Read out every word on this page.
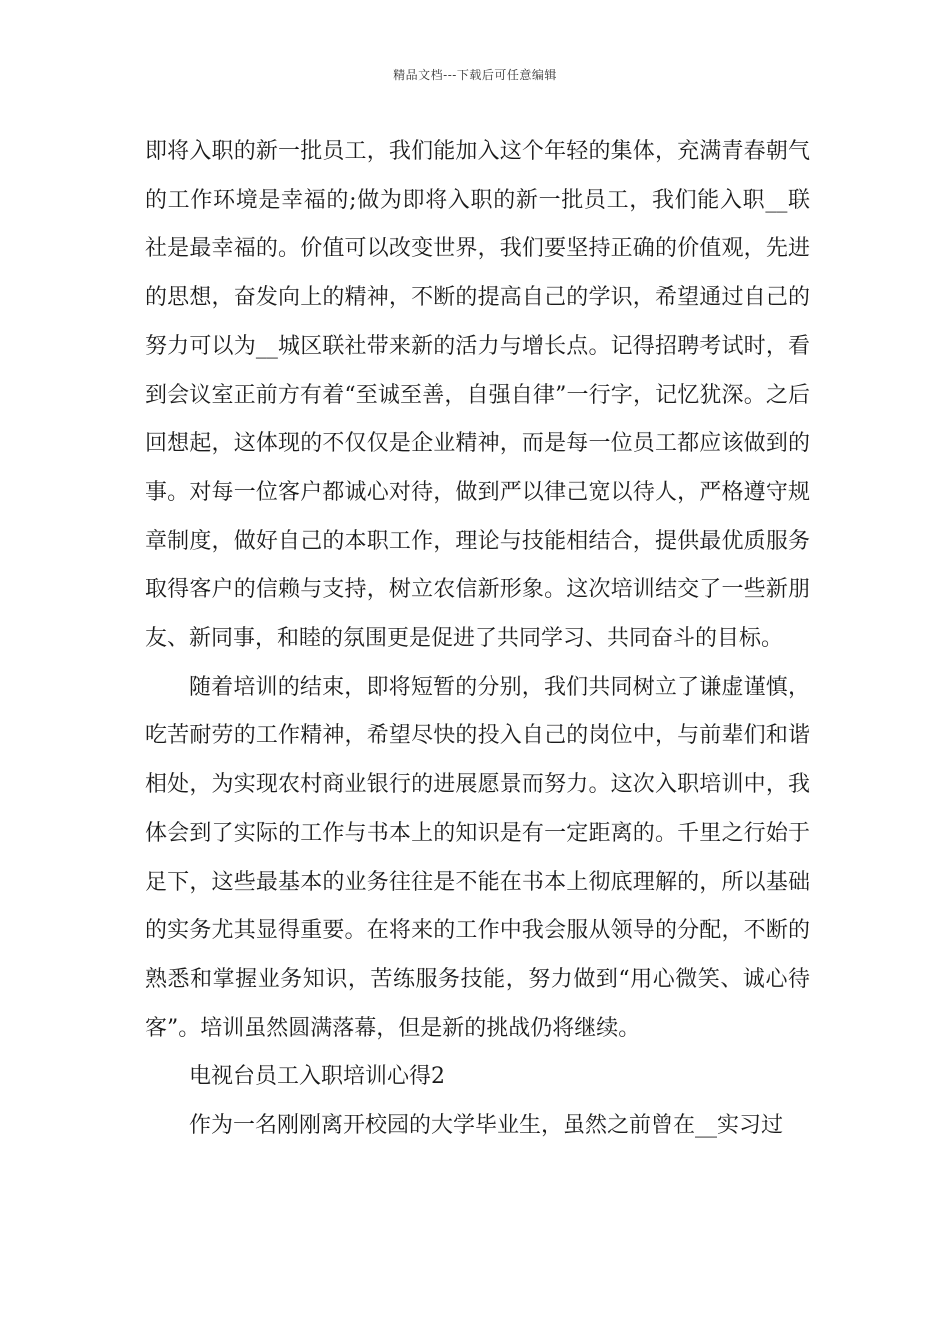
精品文档---下载后可任意编辑

即将入职的新一批员工，我们能加入这个年轻的集体，充满青春朝气的工作环境是幸福的;做为即将入职的新一批员工，我们能入职__联社是最幸福的。价值可以改变世界，我们要坚持正确的价值观，先进的思想，奋发向上的精神，不断的提高自己的学识，希望通过自己的努力可以为__城区联社带来新的活力与增长点。记得招聘考试时，看到会议室正前方有着“至诚至善，自强自律”一行字，记忆犹深。之后回想起，这体现的不仅仅是企业精神，而是每一位员工都应该做到的事。对每一位客户都诚心对待，做到严以律己宽以待人，严格遵守规章制度，做好自己的本职工作，理论与技能相结合，提供最优质服务取得客户的信赖与支持，树立农信新形象。这次培训结交了一些新朋友、新同事，和睦的氛围更是促进了共同学习、共同奋斗的目标。

随着培训的结束，即将短暂的分别，我们共同树立了谦虚谨慎，吃苦耐劳的工作精神，希望尽快的投入自己的岗位中，与前辈们和谐相处，为实现农村商业银行的进展愿景而努力。这次入职培训中，我体会到了实际的工作与书本上的知识是有一定距离的。千里之行始于足下，这些最基本的业务往往是不能在书本上彻底理解的，所以基础的实务尤其显得重要。在将来的工作中我会服从领导的分配，不断的熟悉和掌握业务知识，苦练服务技能，努力做到“用心微笑、诚心待客”。培训虽然圆满落幕，但是新的挑战仍将继续。

电视台员工入职培训心得2

作为一名刚刚离开校园的大学毕业生，虽然之前曾在__实习过
